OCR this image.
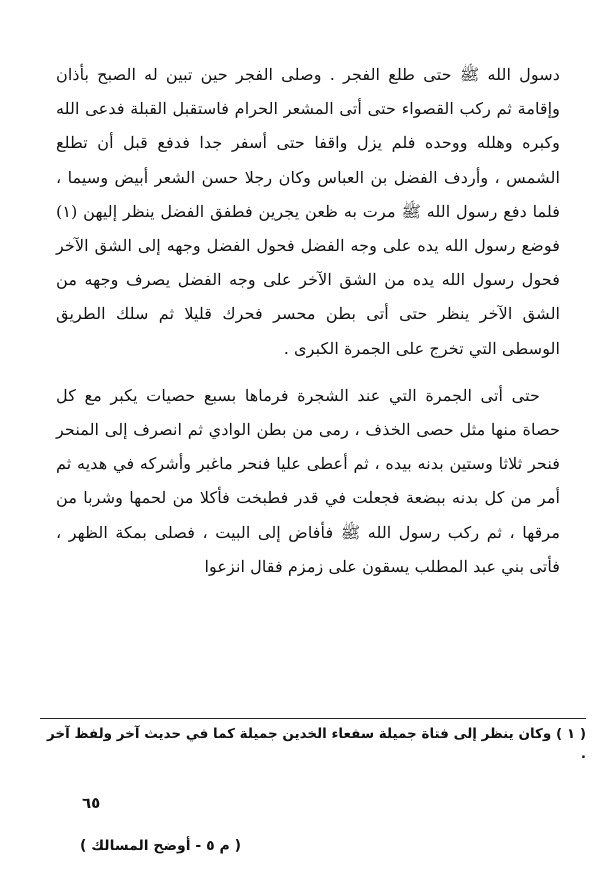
دسول الله ﷺ حتى طلع الفجر . وصلى الفجر حين تبين له الصبح بأذان وإقامة ثم ركب القصواء حتى أتى المشعر الحرام فاستقبل القبلة فدعى الله وكبره وهلله ووحده فلم يزل واقفا حتى أسفر جدا فدفع قبل أن تطلع الشمس ، وأردف الفضل بن العباس وكان رجلا حسن الشعر أبيض وسيما ، فلما دفع رسول الله ﷺ مرت به ظعن يجرين فطفق الفضل ينظر إليهن (١) فوضع رسول الله يده على وجه الفضل فحول الفضل وجهه إلى الشق الآخر فحول رسول الله يده من الشق الآخر على وجه الفضل يصرف وجهه من الشق الآخر ينظر حتى أتى بطن محسر فحرك قليلا ثم سلك الطريق الوسطى التي تخرج على الجمرة الكبرى .

حتى أتى الجمرة التي عند الشجرة فرماها بسبع حصيات يكبر مع كل حصاة منها مثل حصى الخذف ، رمى من بطن الوادي ثم انصرف إلى المنحر فنحر ثلاثا وستين بدنه بيده ، ثم أعطى عليا فنحر ماغبر وأشركه في هديه ثم أمر من كل بدنه ببضعة فجعلت في قدر فطبخت فأكلا من لحمها وشربا من مرقها ، ثم ركب رسول الله ﷺ فأفاض إلى البيت ، فصلى بمكة الظهر ، فأتى بني عبد المطلب يسقون على زمزم فقال انزعوا

( ١ ) وكان ينظر إلى فتاة جميلة سفعاء الخدين جميلة كما في حديث آخر ولفظ آخر .
٦٥
( م ٥ - أوضح المسالك )
